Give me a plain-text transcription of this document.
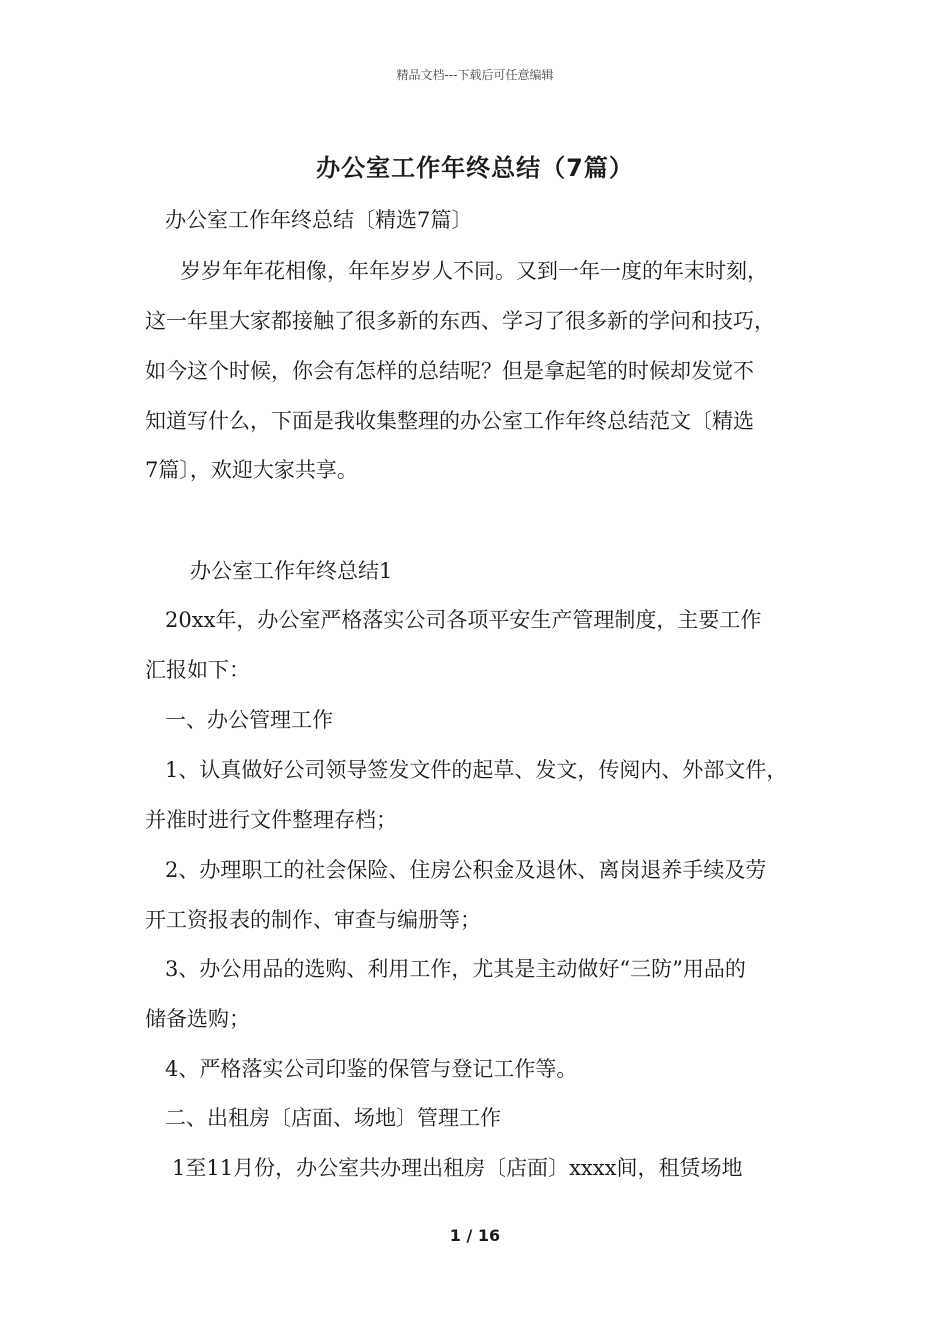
精品文档---下载后可任意编辑
办公室工作年终总结（7篇）
办公室工作年终总结〔精选7篇〕
岁岁年年花相像，年年岁岁人不同。又到一年一度的年末时刻，
这一年里大家都接触了很多新的东西、学习了很多新的学问和技巧，
如今这个时候，你会有怎样的总结呢？但是拿起笔的时候却发觉不
知道写什么，下面是我收集整理的办公室工作年终总结范文〔精选
7篇〕，欢迎大家共享。
办公室工作年终总结1
20xx年，办公室严格落实公司各项平安生产管理制度，主要工作
汇报如下：
一、办公管理工作
1、认真做好公司领导签发文件的起草、发文，传阅内、外部文件，
并准时进行文件整理存档；
2、办理职工的社会保险、住房公积金及退休、离岗退养手续及劳
开工资报表的制作、审查与编册等；
3、办公用品的选购、利用工作，尤其是主动做好“三防”用品的
储备选购；
4、严格落实公司印鉴的保管与登记工作等。
二、出租房〔店面、场地〕管理工作
1至11月份，办公室共办理出租房〔店面〕xxxx间，租赁场地
1 / 16
